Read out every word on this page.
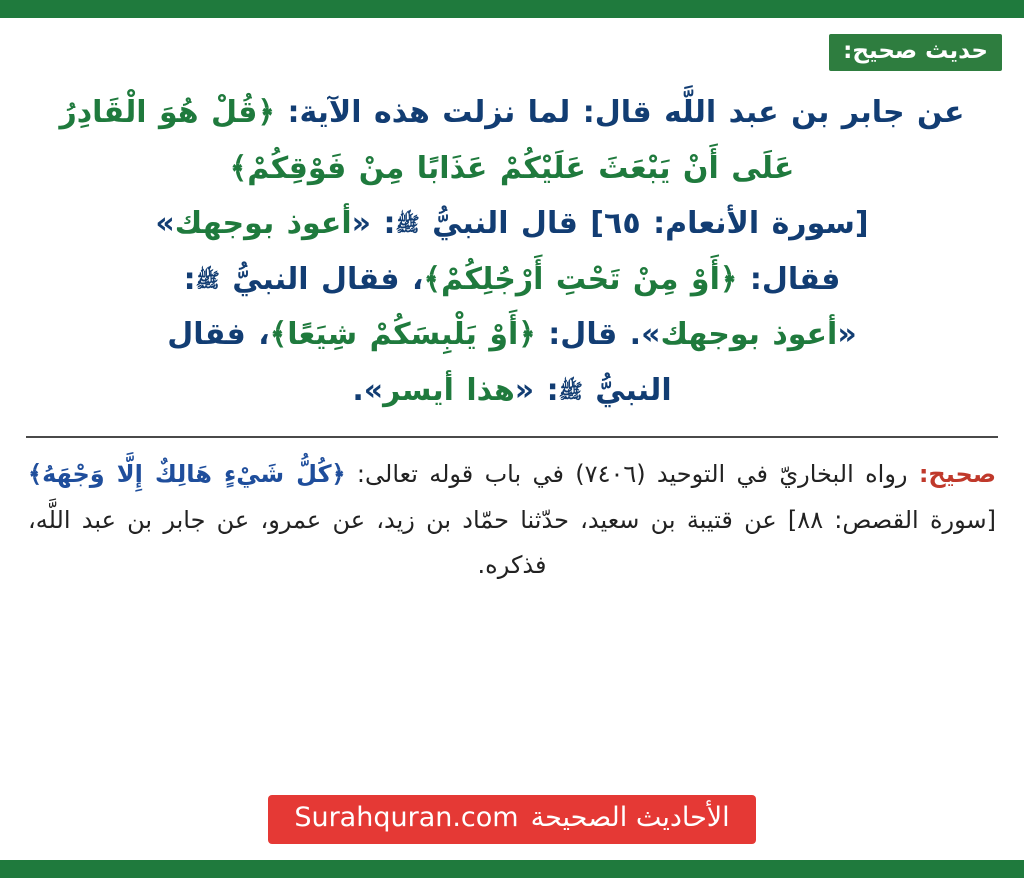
حديث صحيح:
عن جابر بن عبد اللَّه قال: لما نزلت هذه الآية: ﴿قُلْ هُوَ الْقَادِرُ عَلَى أَنْ يَبْعَثَ عَلَيْكُمْ عَذَابًا مِنْ فَوْقِكُمْ﴾
[سورة الأنعام: ٦٥] قال النبيُّ ﷺ: «أعوذ بوجهك»
فقال: ﴿أَوْ مِنْ تَحْتِ أَرْجُلِكُمْ﴾، فقال النبيُّ ﷺ:
«أعوذ بوجهك». قال: ﴿أَوْ يَلْبِسَكُمْ شِيَعًا﴾، فقال
النبيُّ ﷺ: «هذا أيسر».
صحيح: رواه البخاريّ في التوحيد (٧٤٠٦) في باب قوله تعالى: ﴿كُلُّ شَيْءٍ هَالِكٌ إِلَّا وَجْهَهُ﴾ [سورة القصص: ٨٨] عن قتيبة بن سعيد، حدّثنا حمّاد بن زيد، عن عمرو، عن جابر بن عبد اللَّه، فذكره.
الأحاديث الصحيحة
Surahquran.com
